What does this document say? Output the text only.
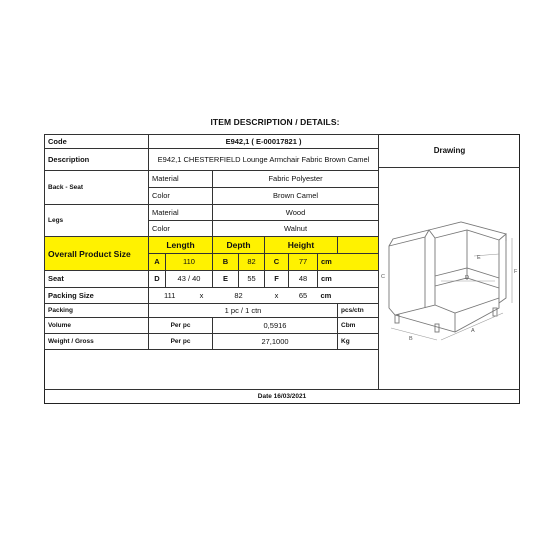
ITEM DESCRIPTION / DETAILS:
Code	E942,1 ( E-00017821 )								
Description	E942,1 CHESTERFIELD Lounge Armchair Fabric Brown Camel								
Back - Seat	Material			Fabric Polyester					
	Color			Brown Camel					
Legs	Material			Wood					
	Color			Walnut					
Overall Product Size	Length			Depth		Height			
	A	110		B	82	C	77	cm	
Seat	D	43 / 40		E	55	F	48	cm	
Packing Size	111		x	82		x	65	cm	
Packing	1 pc / 1 ctn								pcs/ctn
Volume	Per pc			0,5916					Cbm
Weight / Gross	Per pc			27,1000					Kg
Drawing
B
A
F
E
D
C
Date 16/03/2021
